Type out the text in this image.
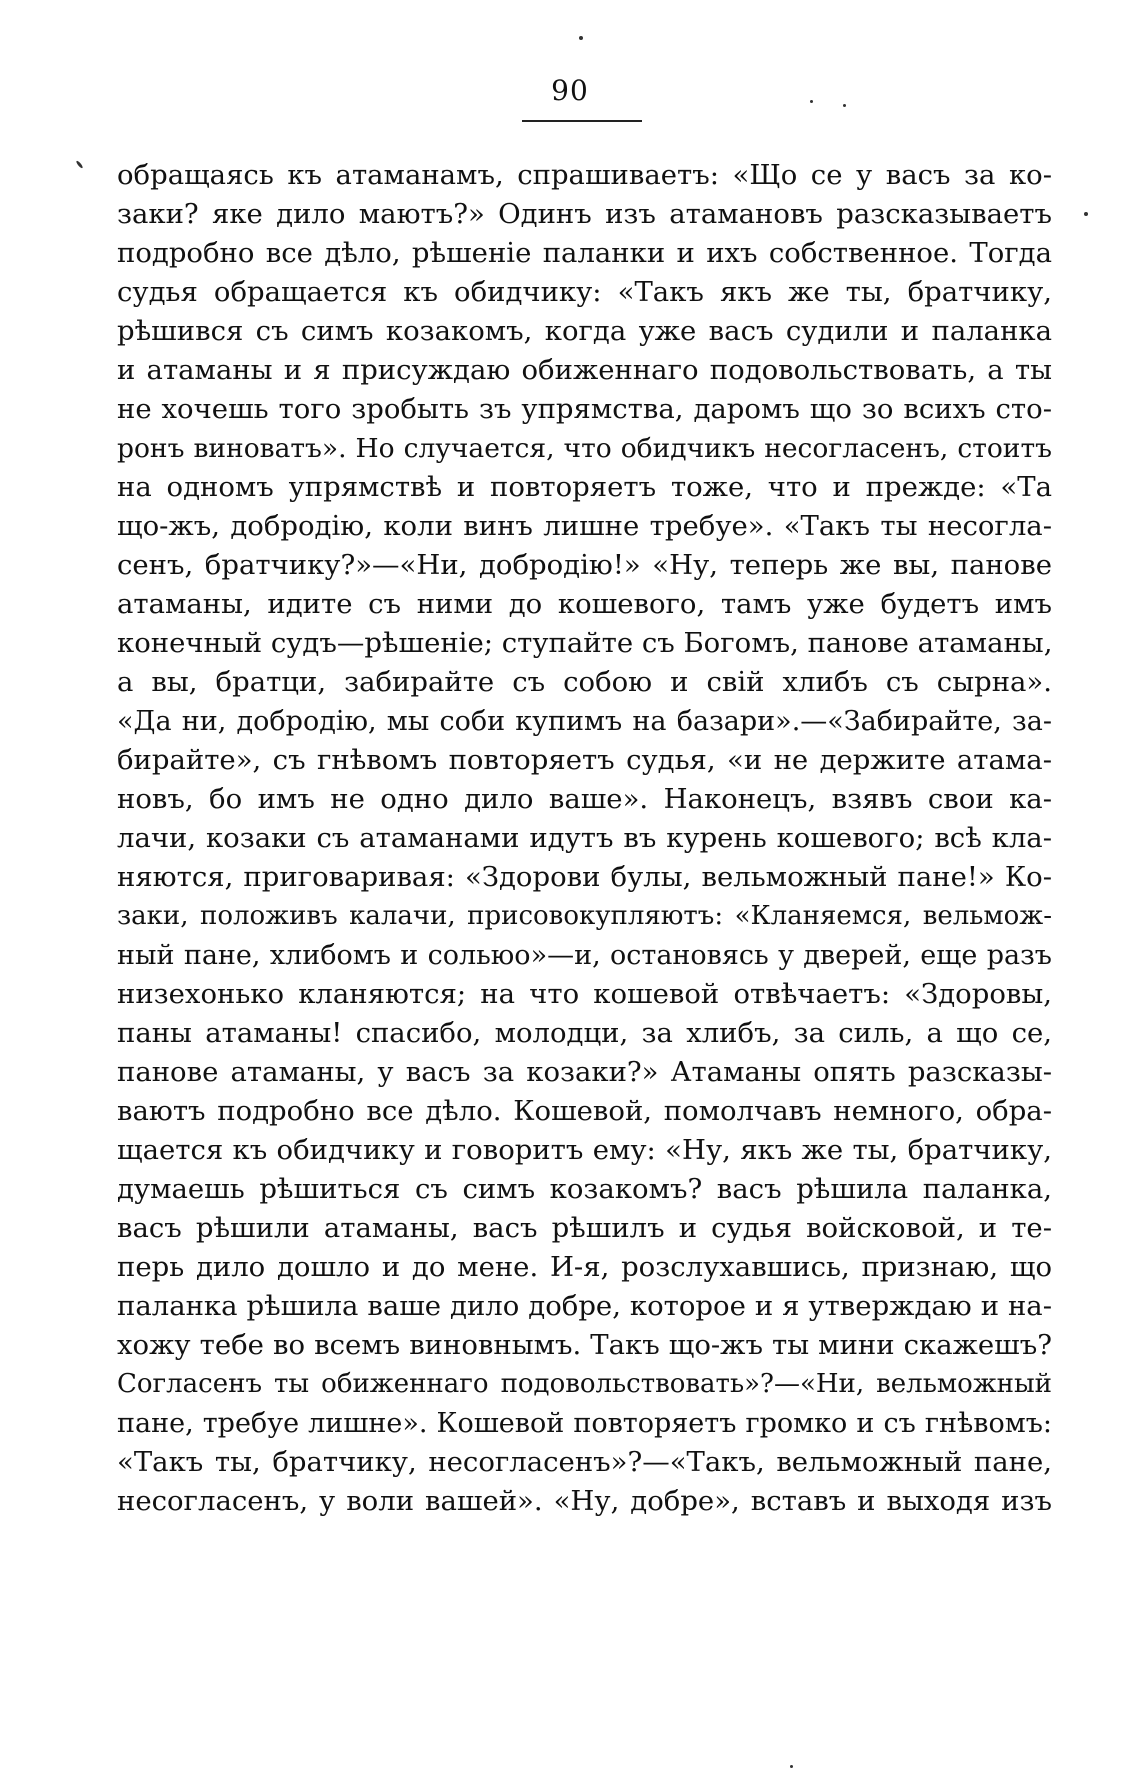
90
обращаясь къ атаманамъ, спрашиваетъ: «Що се у васъ за ко-
заки? яке дило маютъ?» Одинъ изъ атамановъ разсказываетъ
подробно все дѣло, рѣшеніе паланки и ихъ собственное. Тогда
судья обращается къ обидчику: «Такъ якъ же ты, братчику,
рѣшився съ симъ козакомъ, когда уже васъ судили и паланка
и атаманы и я присуждаю обиженнаго подовольствовать, а ты
не хочешь того зробыть зъ упрямства, даромъ що зо всихъ сто-
ронъ виноватъ». Но случается, что обидчикъ несогласенъ, стоитъ
на одномъ упрямствѣ и повторяетъ тоже, что и прежде: «Та
що-жъ, добродію, коли винъ лишне требуе». «Такъ ты несогла-
сенъ, братчику?»—«Ни, добродію!» «Ну, теперь же вы, панове
атаманы, идите съ ними до кошевого, тамъ уже будетъ имъ
конечный судъ—рѣшеніе; ступайте съ Богомъ, панове атаманы,
а вы, братци, забирайте съ собою и свій хлибъ съ сырна».
«Да ни, добродію, мы соби купимъ на базари».—«Забирайте, за-
бирайте», съ гнѣвомъ повторяетъ судья, «и не держите атама-
новъ, бо имъ не одно дило ваше». Наконецъ, взявъ свои ка-
лачи, козаки съ атаманами идутъ въ курень кошевого; всѣ кла-
няются, приговаривая: «Здорови булы, вельможный пане!» Ко-
заки, положивъ калачи, присовокупляютъ: «Кланяемся, вельмож-
ный пане, хлибомъ и сольюо»—и, остановясь у дверей, еще разъ
низехонько кланяются; на что кошевой отвѣчаетъ: «Здоровы,
паны атаманы! спасибо, молодци, за хлибъ, за силь, а що се,
панове атаманы, у васъ за козаки?» Атаманы опять разсказы-
ваютъ подробно все дѣло. Кошевой, помолчавъ немного, обра-
щается къ обидчику и говоритъ ему: «Ну, якъ же ты, братчику,
думаешь рѣшиться съ симъ козакомъ? васъ рѣшила паланка,
васъ рѣшили атаманы, васъ рѣшилъ и судья войсковой, и те-
перь дило дошло и до мене. И-я, розслухавшись, признаю, що
паланка рѣшила ваше дило добре, которое и я утверждаю и на-
хожу тебе во всемъ виновнымъ. Такъ що-жъ ты мини скажешъ?
Согласенъ ты обиженнаго подовольствовать»?—«Ни, вельможный
пане, требуе лишне». Кошевой повторяетъ громко и съ гнѣвомъ:
«Такъ ты, братчику, несогласенъ»?—«Такъ, вельможный пане,
несогласенъ, у воли вашей». «Ну, добре», вставъ и выходя изъ
